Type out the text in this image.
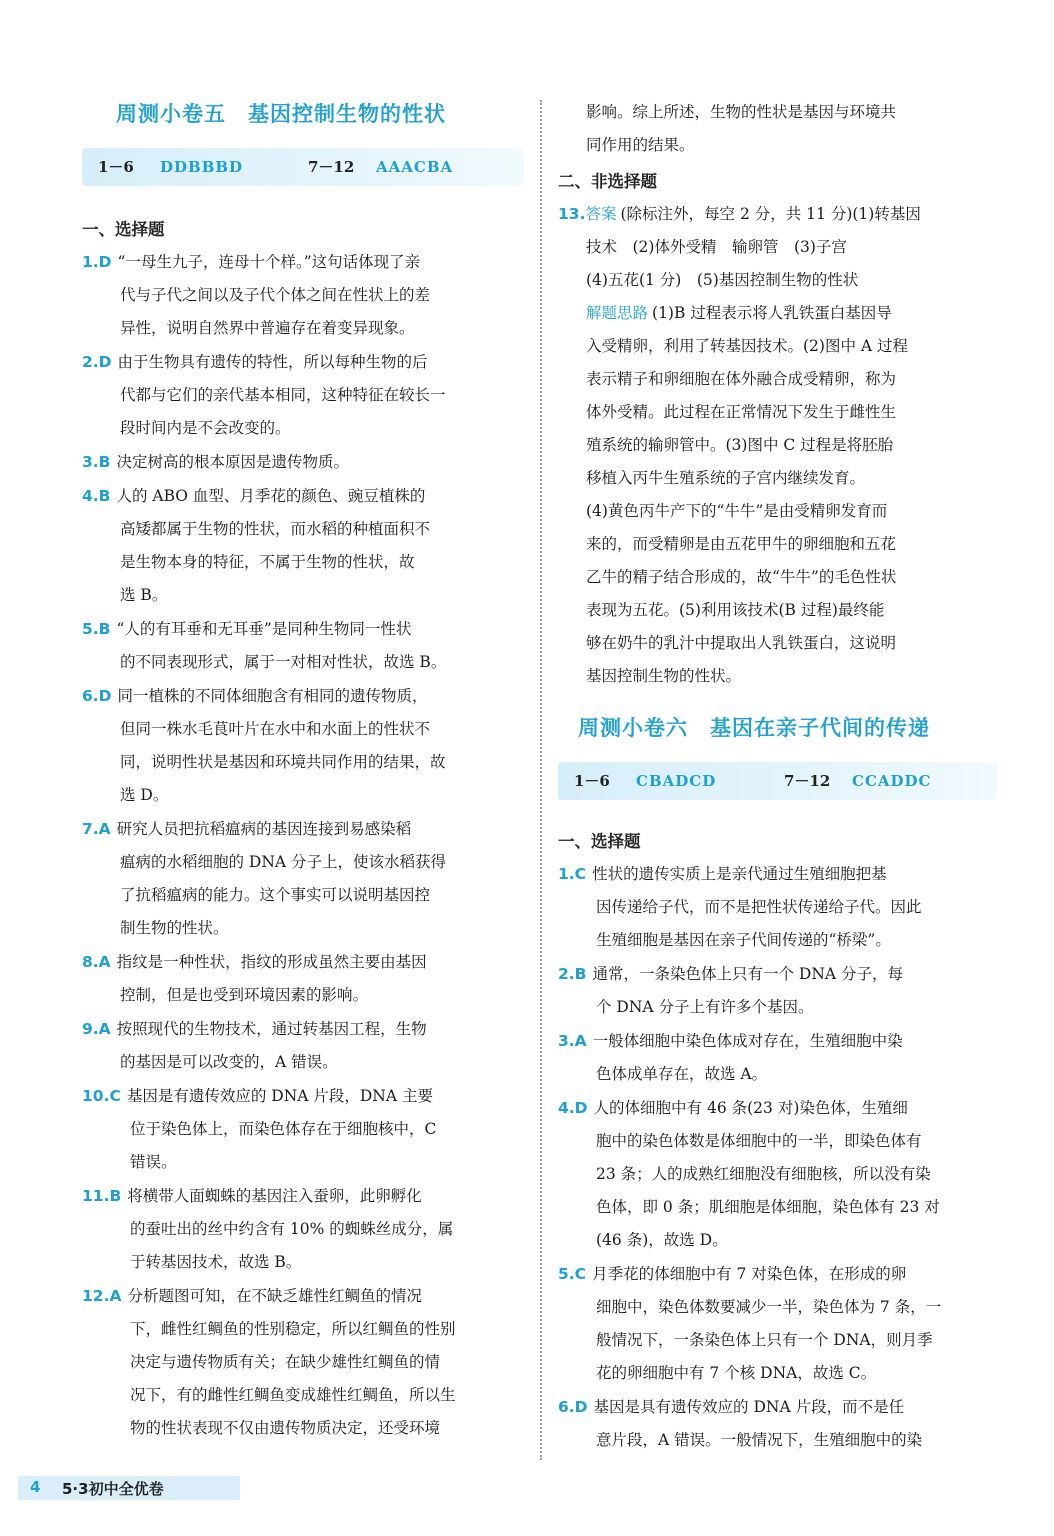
周测小卷五　基因控制生物的性状
1－6 DDBBBD	7－12 AAACBA
一、选择题
1.D “一母生九子，连母十个样。”这句话体现了亲
代与子代之间以及子代个体之间在性状上的差
异性，说明自然界中普遍存在着变异现象。
2.D 由于生物具有遗传的特性，所以每种生物的后
代都与它们的亲代基本相同，这种特征在较长一
段时间内是不会改变的。
3.B 决定树高的根本原因是遗传物质。
4.B 人的 ABO 血型、月季花的颜色、豌豆植株的
高矮都属于生物的性状，而水稻的种植面积不
是生物本身的特征，不属于生物的性状，故
选 B。
5.B “人的有耳垂和无耳垂”是同种生物同一性状
的不同表现形式，属于一对相对性状，故选 B。
6.D 同一植株的不同体细胞含有相同的遗传物质，
但同一株水毛茛叶片在水中和水面上的性状不
同，说明性状是基因和环境共同作用的结果，故
选 D。
7.A 研究人员把抗稻瘟病的基因连接到易感染稻
瘟病的水稻细胞的 DNA 分子上，使该水稻获得
了抗稻瘟病的能力。这个事实可以说明基因控
制生物的性状。
8.A 指纹是一种性状，指纹的形成虽然主要由基因
控制，但是也受到环境因素的影响。
9.A 按照现代的生物技术，通过转基因工程，生物
的基因是可以改变的，A 错误。
10.C 基因是有遗传效应的 DNA 片段，DNA 主要
位于染色体上，而染色体存在于细胞核中，C
错误。
11.B 将横带人面蜘蛛的基因注入蚕卵，此卵孵化
的蚕吐出的丝中约含有 10% 的蜘蛛丝成分，属
于转基因技术，故选 B。
12.A 分析题图可知，在不缺乏雄性红鲷鱼的情况
下，雌性红鲷鱼的性别稳定，所以红鲷鱼的性别
决定与遗传物质有关；在缺少雄性红鲷鱼的情
况下，有的雌性红鲷鱼变成雄性红鲷鱼，所以生
物的性状表现不仅由遗传物质决定，还受环境
影响。综上所述，生物的性状是基因与环境共
同作用的结果。
二、非选择题
13.答案 (除标注外，每空 2 分，共 11 分)(1)转基因
技术　(2)体外受精　输卵管　(3)子宫
(4)五花(1 分)　(5)基因控制生物的性状
解题思路 (1)B 过程表示将人乳铁蛋白基因导
入受精卵，利用了转基因技术。(2)图中 A 过程
表示精子和卵细胞在体外融合成受精卵，称为
体外受精。此过程在正常情况下发生于雌性生
殖系统的输卵管中。(3)图中 C 过程是将胚胎
移植入丙牛生殖系统的子宫内继续发育。
(4)黄色丙牛产下的“牛牛”是由受精卵发育而
来的，而受精卵是由五花甲牛的卵细胞和五花
乙牛的精子结合形成的，故“牛牛”的毛色性状
表现为五花。(5)利用该技术(B 过程)最终能
够在奶牛的乳汁中提取出人乳铁蛋白，这说明
基因控制生物的性状。
周测小卷六　基因在亲子代间的传递
1－6 CBADCD	7－12 CCADDC
一、选择题
1.C 性状的遗传实质上是亲代通过生殖细胞把基
因传递给子代，而不是把性状传递给子代。因此
生殖细胞是基因在亲子代间传递的“桥梁”。
2.B 通常，一条染色体上只有一个 DNA 分子，每
个 DNA 分子上有许多个基因。
3.A 一般体细胞中染色体成对存在，生殖细胞中染
色体成单存在，故选 A。
4.D 人的体细胞中有 46 条(23 对)染色体，生殖细
胞中的染色体数是体细胞中的一半，即染色体有
23 条；人的成熟红细胞没有细胞核，所以没有染
色体，即 0 条；肌细胞是体细胞，染色体有 23 对
(46 条)，故选 D。
5.C 月季花的体细胞中有 7 对染色体，在形成的卵
细胞中，染色体数要减少一半，染色体为 7 条，一
般情况下，一条染色体上只有一个 DNA，则月季
花的卵细胞中有 7 个核 DNA，故选 C。
6.D 基因是具有遗传效应的 DNA 片段，而不是任
意片段，A 错误。一般情况下，生殖细胞中的染
4 5·3初中全优卷
